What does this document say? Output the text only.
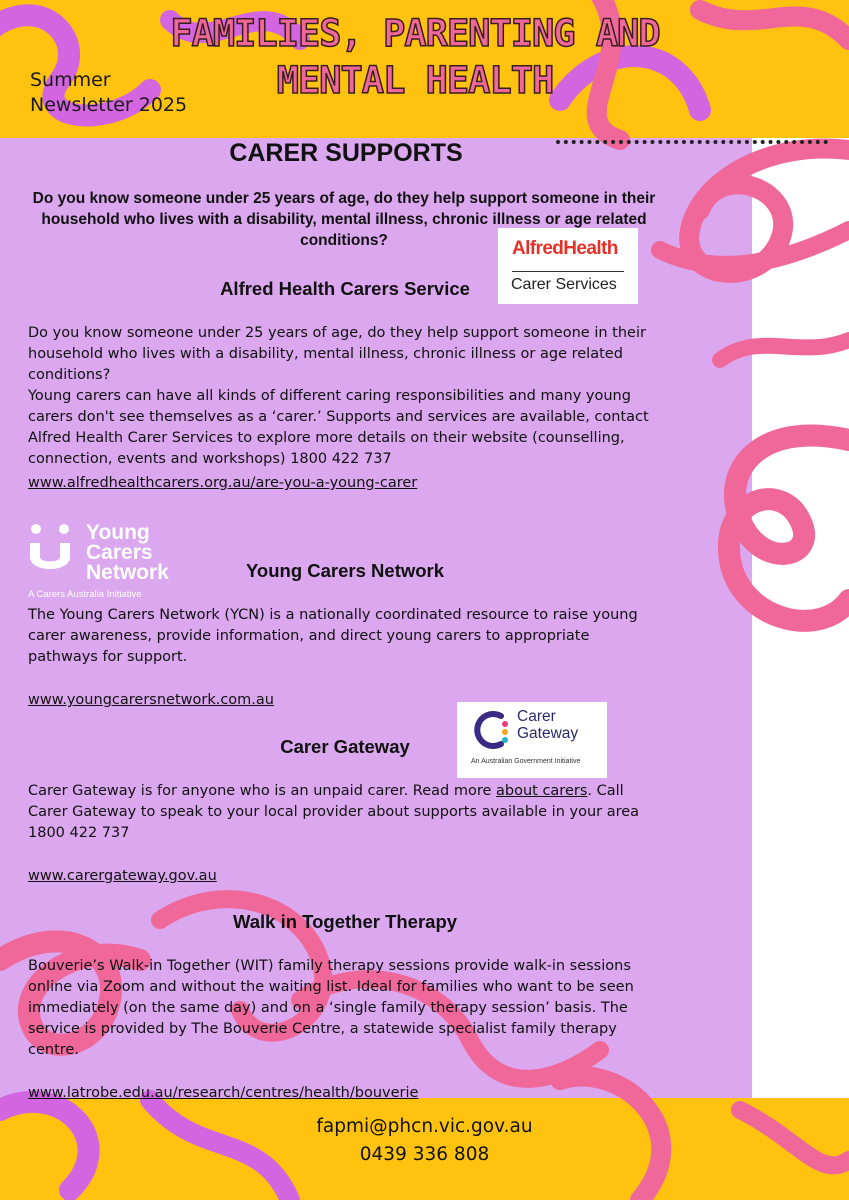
Summer
Newsletter 2025
FAMILIES, PARENTING AND
MENTAL HEALTH
CARER SUPPORTS
Do you know someone under 25 years of age, do they help support someone in their household who lives with a disability, mental illness, chronic illness or age related conditions?	AlfredHealth
Carer Services
Alfred Health Carers Service
Do you know someone under 25 years of age, do they help support someone in their household who lives with a disability, mental illness, chronic illness or age related conditions?
Young carers can have all kinds of different caring responsibilities and many young carers don't see themselves as a ‘carer.’ Supports and services are available, contact Alfred Health Carer Services to explore more details on their website (counselling, connection, events and workshops) 1800 422 737
www.alfredhealthcarers.org.au/are-you-a-young-carer
Young
Carers
Network
A Carers Australia Initiative
Young Carers Network
The Young Carers Network (YCN) is a nationally coordinated resource to raise young carer awareness, provide information, and direct young carers to appropriate pathways for support.
www.youngcarersnetwork.com.au
Carer
Gateway
An Australian Government Initiative
Carer Gateway
Carer Gateway is for anyone who is an unpaid carer. Read more about carers. Call Carer Gateway to speak to your local provider about supports available in your area 1800 422 737
www.carergateway.gov.au
Walk in Together Therapy
Bouverie’s Walk-in Together (WIT) family therapy sessions provide walk-in sessions online via Zoom and without the waiting list. Ideal for families who want to be seen immediately (on the same day) and on a ‘single family therapy session’ basis. The service is provided by The Bouverie Centre, a statewide specialist family therapy centre.
www.latrobe.edu.au/research/centres/health/bouverie
fapmi@phcn.vic.gov.au
0439 336 808
